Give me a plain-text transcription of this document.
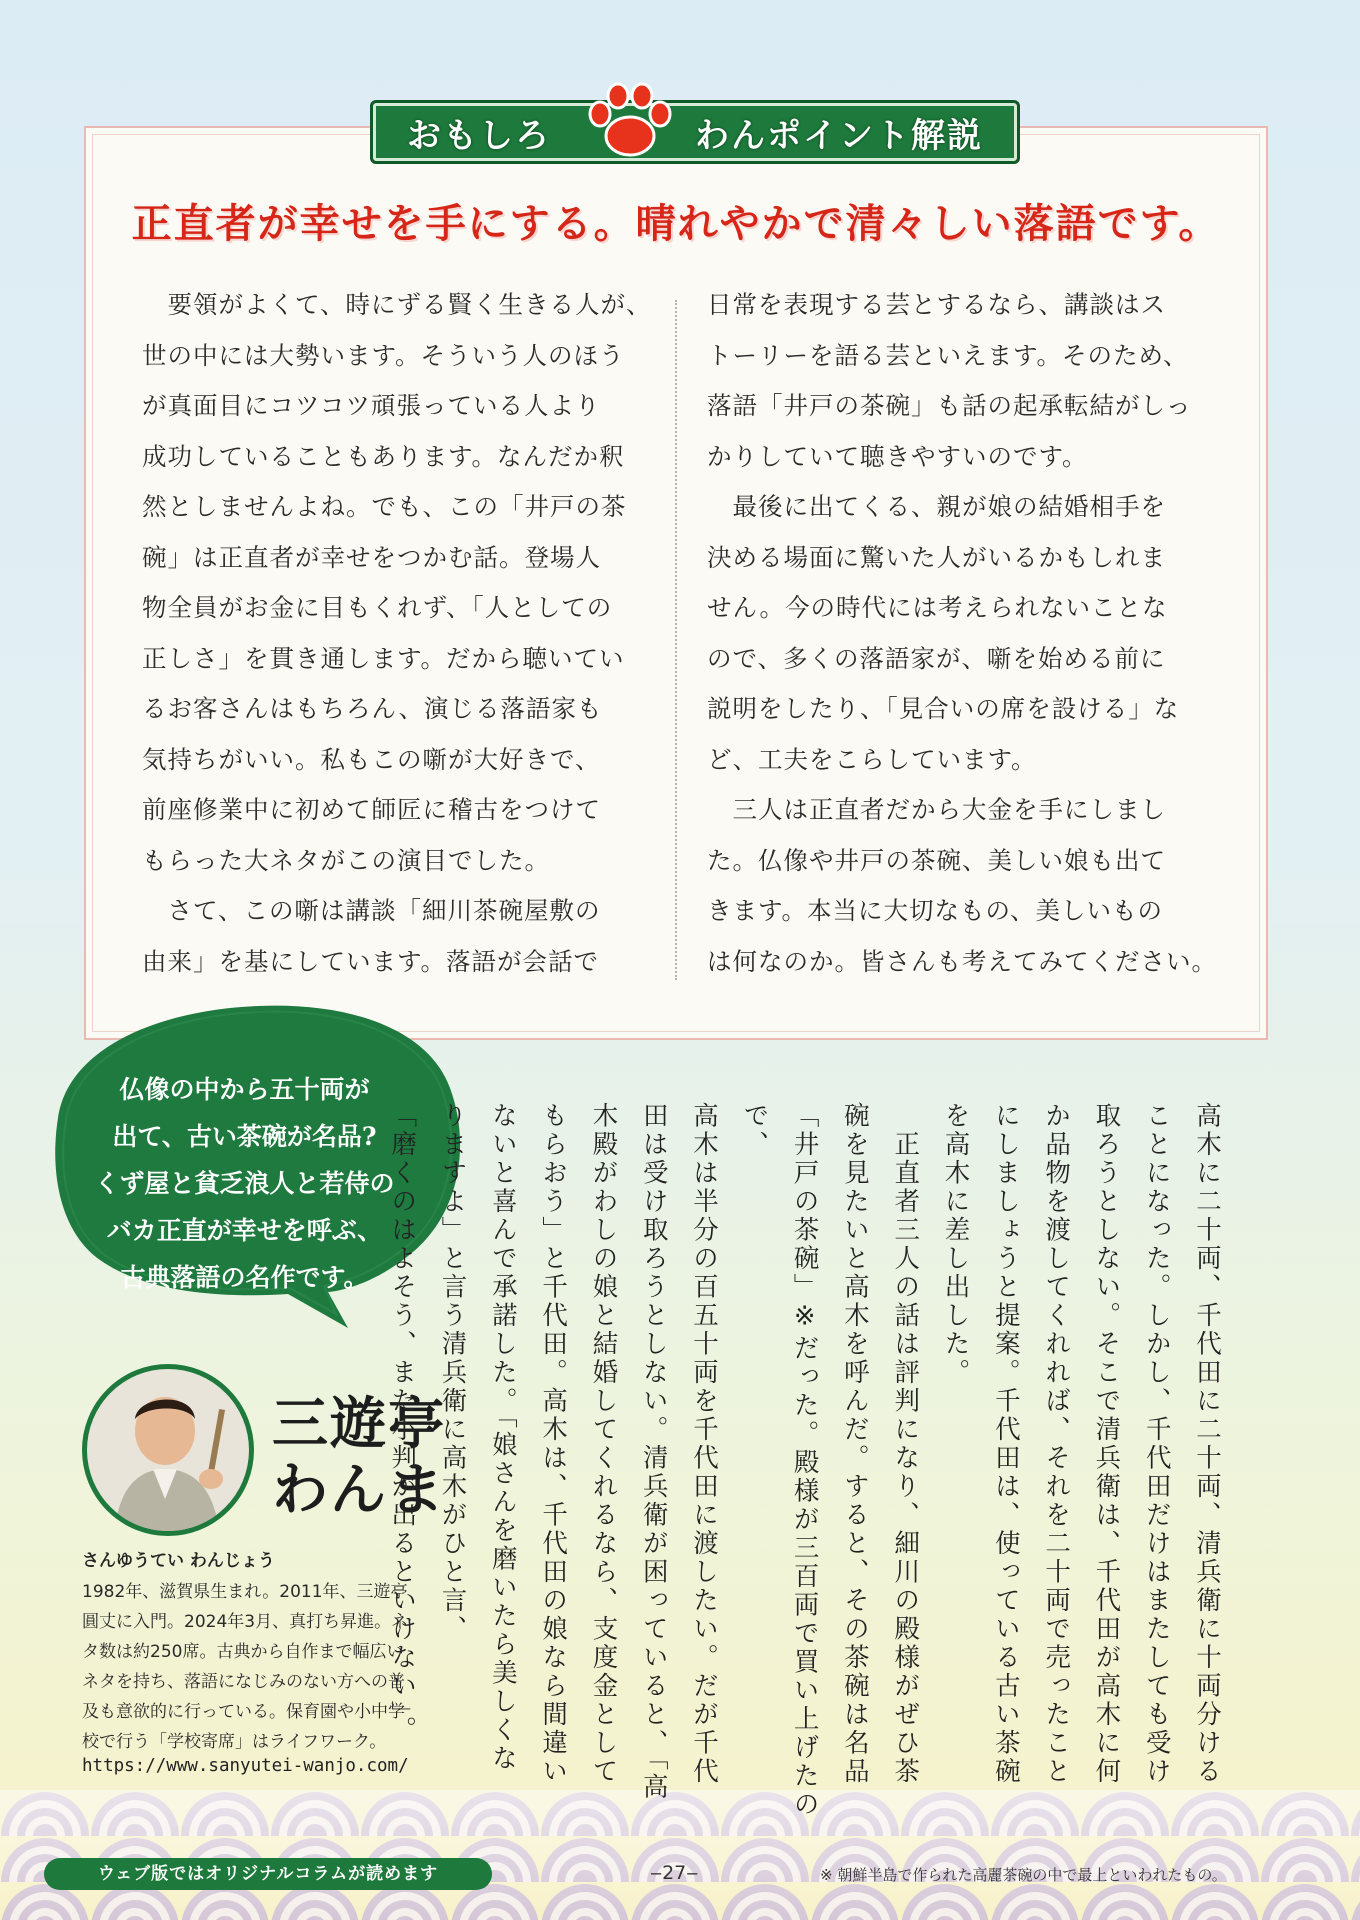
おもしろ	わんポイント解説
正直者が幸せを手にする。晴れやかで清々しい落語です。

　要領がよくて、時にずる賢く生きる人が、
世の中には大勢います。そういう人のほう
が真面目にコツコツ頑張っている人より
成功していることもあります。なんだか釈
然としませんよね。でも、この「井戸の茶
碗」は正直者が幸せをつかむ話。登場人
物全員がお金に目もくれず、「人としての
正しさ」を貫き通します。だから聴いてい
るお客さんはもちろん、演じる落語家も
気持ちがいい。私もこの噺が大好きで、
前座修業中に初めて師匠に稽古をつけて
もらった大ネタがこの演目でした。

　さて、この噺は講談「細川茶碗屋敷の
由来」を基にしています。落語が会話で

日常を表現する芸とするなら、講談はス
トーリーを語る芸といえます。そのため、
落語「井戸の茶碗」も話の起承転結がしっ
かりしていて聴きやすいのです。

　最後に出てくる、親が娘の結婚相手を
決める場面に驚いた人がいるかもしれま
せん。今の時代には考えられないことな
ので、多くの落語家が、噺を始める前に
説明をしたり、「見合いの席を設ける」な
ど、工夫をこらしています。

　三人は正直者だから大金を手にしまし
た。仏像や井戸の茶碗、美しい娘も出て
きます。本当に大切なもの、美しいもの
は何なのか。皆さんも考えてみてください。

仏像の中から五十両が
出て、古い茶碗が名品?
くず屋と貧乏浪人と若侍の
バカ正直が幸せを呼ぶ、
古典落語の名作です。
三遊亭
わんま
さんゆうてい わんじょう
1982年、滋賀県生まれ。2011年、三遊亭
圓丈に入門。2024年3月、真打ち昇進。ネ
タ数は約250席。古典から自作まで幅広い
ネタを持ち、落語になじみのない方への普
及も意欲的に行っている。保育園や小中学
校で行う「学校寄席」はライフワーク。
https://www.sanyutei-wanjo.com/	高木に二十両、千代田に二十両、清兵衛に十両分ける
ことになった。しかし、千代田だけはまたしても受け
取ろうとしない。そこで清兵衛は、千代田が高木に何
か品物を渡してくれれば、それを二十両で売ったこと
にしましょうと提案。千代田は、使っている古い茶碗
を高木に差し出した。

　正直者三人の話は評判になり、細川の殿様がぜひ茶
碗を見たいと高木を呼んだ。すると、その茶碗は名品
「井戸の茶碗」※だった。殿様が三百両で買い上げたので、
高木は半分の百五十両を千代田に渡したい。だが千代
田は受け取ろうとしない。清兵衛が困っていると、「高
木殿がわしの娘と結婚してくれるなら、支度金として
もらおう」と千代田。高木は、千代田の娘なら間違い
ないと喜んで承諾した。「娘さんを磨いたら美しくな
りますよ」と言う清兵衛に高木がひと言、
「磨くのはよそう、また小判が出るといけない」。

ウェブ版ではオリジナルコラムが読めます	‒27‒	※ 朝鮮半島で作られた高麗茶碗の中で最上といわれたもの。
